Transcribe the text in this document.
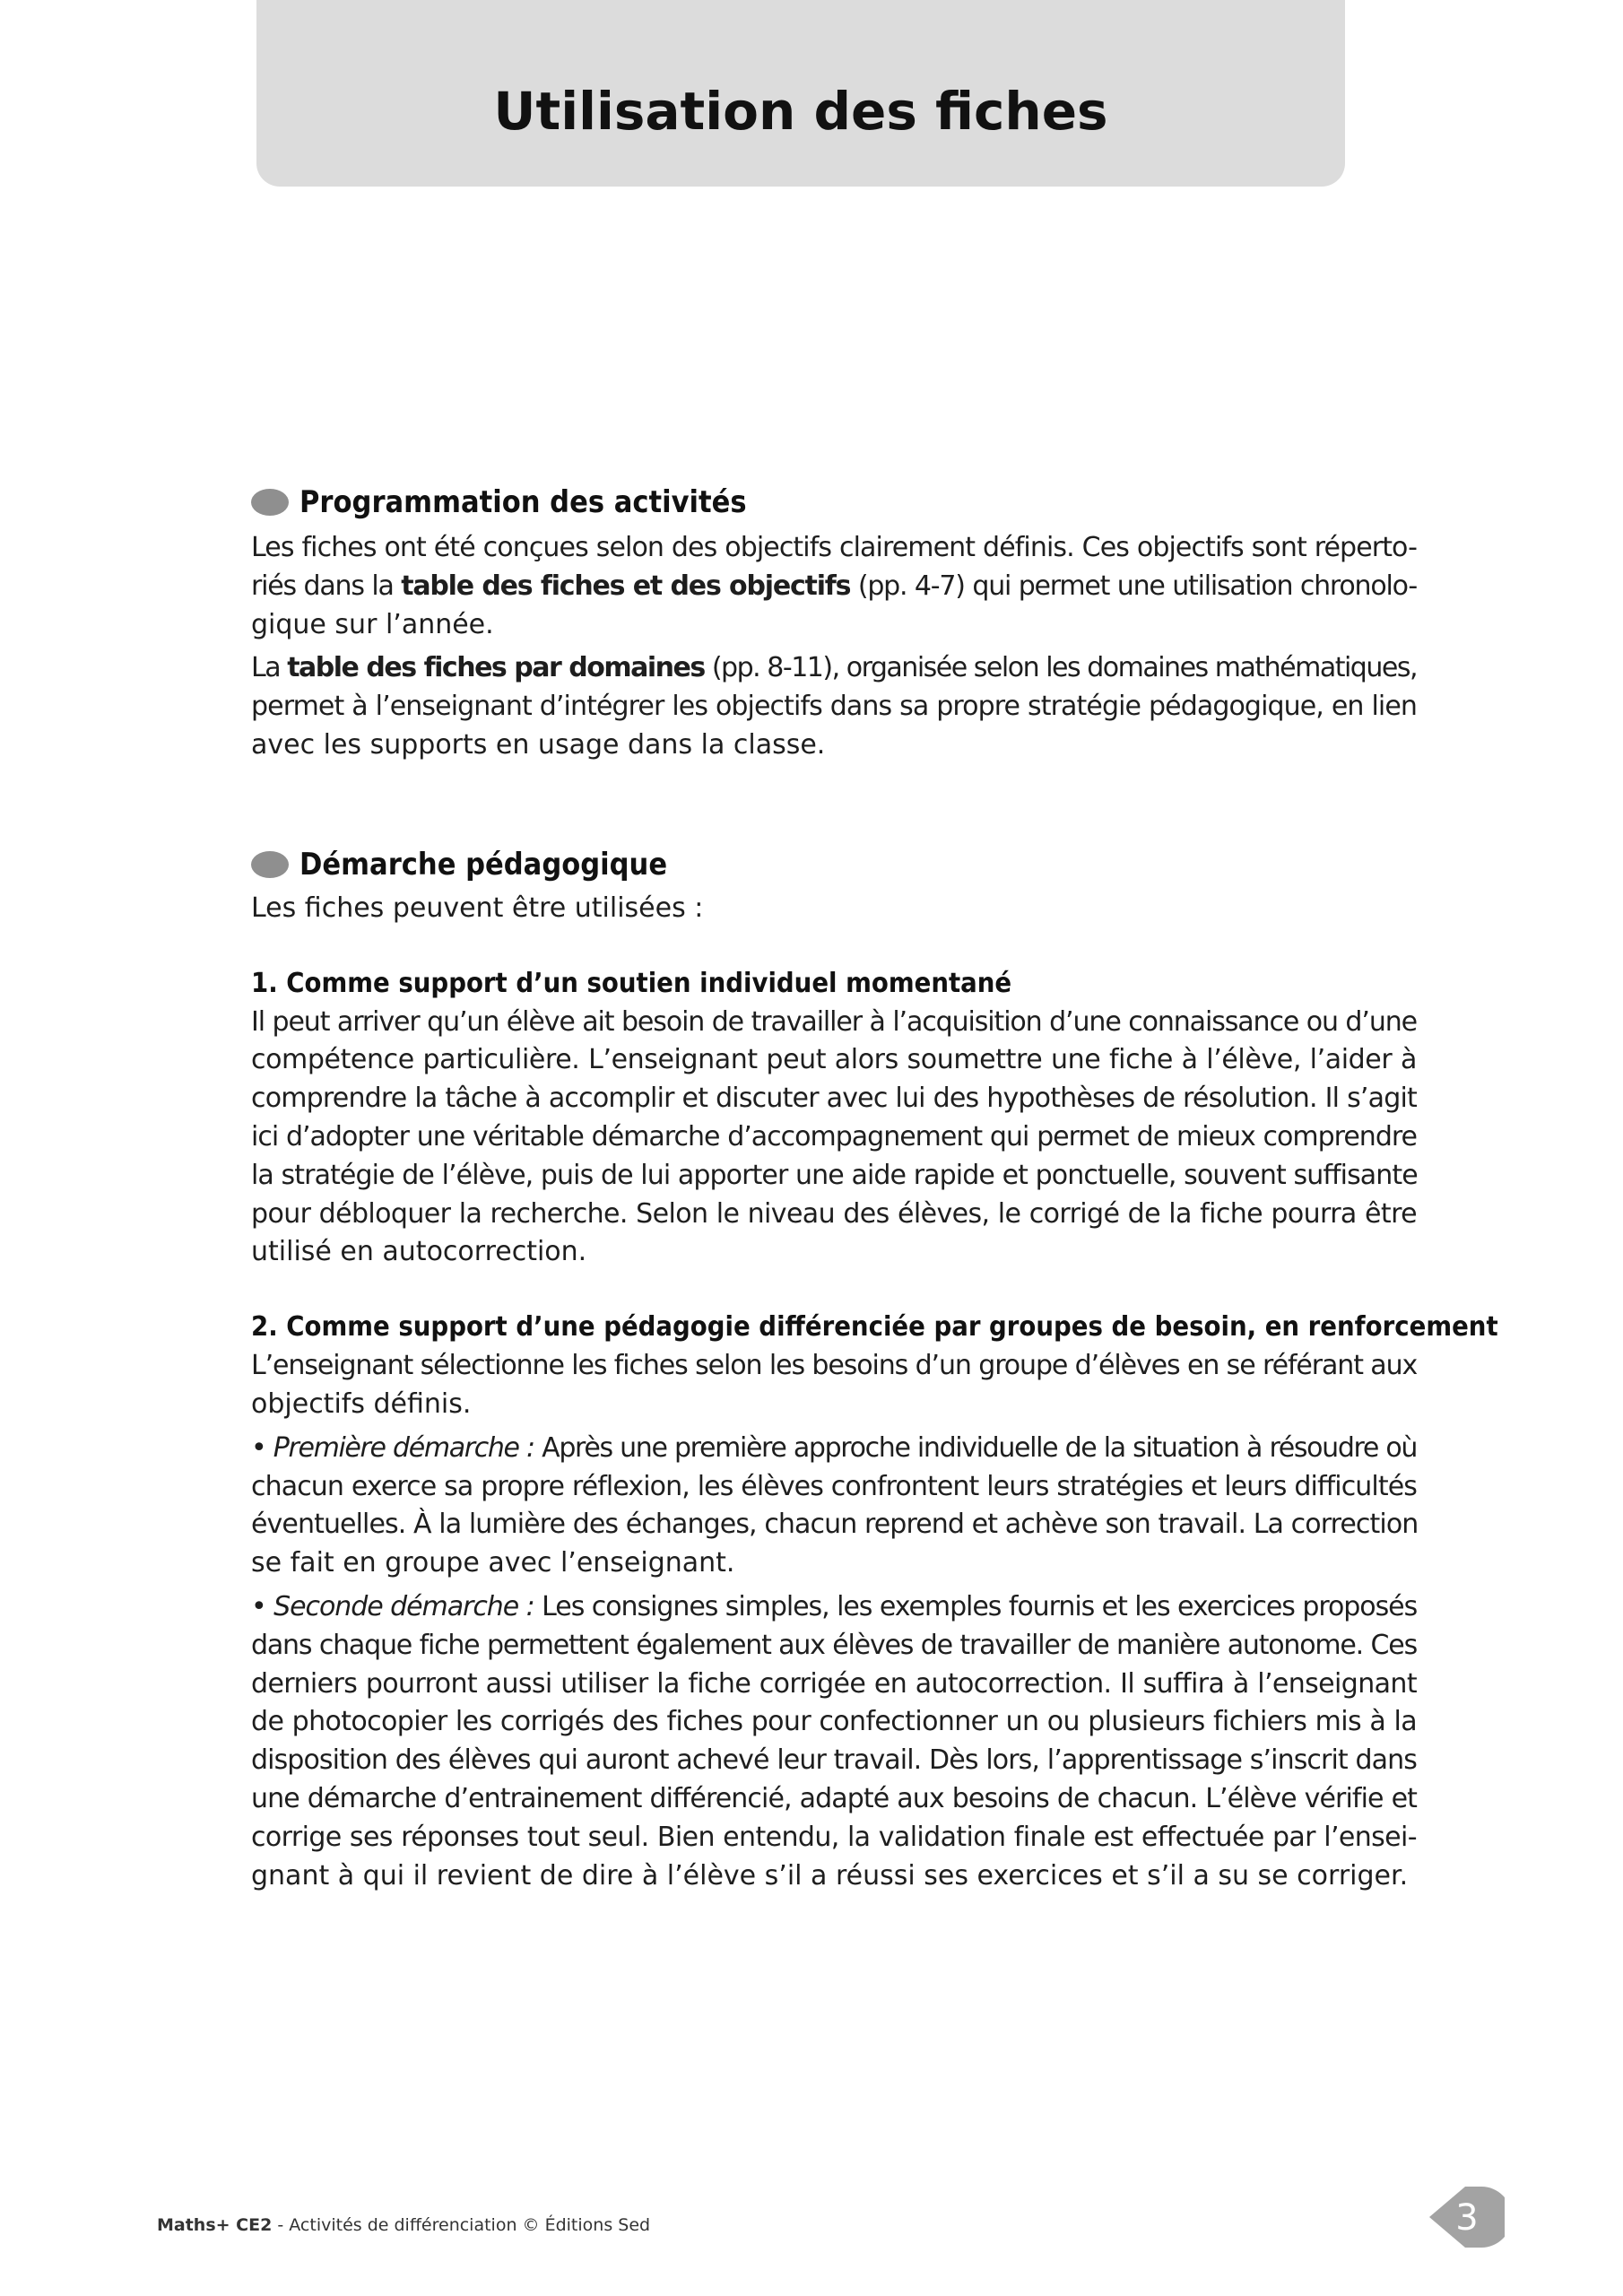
Utilisation des fiches
Programmation des activités

Les fiches ont été conçues selon des objectifs clairement définis. Ces objectifs sont réperto-
riés dans la table des fiches et des objectifs (pp. 4-7) qui permet une utilisation chronolo-
gique sur l’année.

La table des fiches par domaines (pp. 8-11), organisée selon les domaines mathématiques,
permet à l’enseignant d’intégrer les objectifs dans sa propre stratégie pédagogique, en lien
avec les supports en usage dans la classe.

Démarche pédagogique

Les fiches peuvent être utilisées :

1. Comme support d’un soutien individuel momentané

Il peut arriver qu’un élève ait besoin de travailler à l’acquisition d’une connaissance ou d’une
compétence particulière. L’enseignant peut alors soumettre une fiche à l’élève, l’aider à
comprendre la tâche à accomplir et discuter avec lui des hypothèses de résolution. Il s’agit
ici d’adopter une véritable démarche d’accompagnement qui permet de mieux comprendre
la stratégie de l’élève, puis de lui apporter une aide rapide et ponctuelle, souvent suffisante
pour débloquer la recherche. Selon le niveau des élèves, le corrigé de la fiche pourra être
utilisé en autocorrection.

2. Comme support d’une pédagogie différenciée par groupes de besoin, en renforcement

L’enseignant sélectionne les fiches selon les besoins d’un groupe d’élèves en se référant aux
objectifs définis.

• Première démarche : Après une première approche individuelle de la situation à résoudre où
chacun exerce sa propre réflexion, les élèves confrontent leurs stratégies et leurs difficultés
éventuelles. À la lumière des échanges, chacun reprend et achève son travail. La correction
se fait en groupe avec l’enseignant.

• Seconde démarche : Les consignes simples, les exemples fournis et les exercices proposés
dans chaque fiche permettent également aux élèves de travailler de manière autonome. Ces
derniers pourront aussi utiliser la fiche corrigée en autocorrection. Il suffira à l’enseignant
de photocopier les corrigés des fiches pour confectionner un ou plusieurs fichiers mis à la
disposition des élèves qui auront achevé leur travail. Dès lors, l’apprentissage s’inscrit dans
une démarche d’entrainement différencié, adapté aux besoins de chacun. L’élève vérifie et
corrige ses réponses tout seul. Bien entendu, la validation finale est effectuée par l’ensei-
gnant à qui il revient de dire à l’élève s’il a réussi ses exercices et s’il a su se corriger.

Maths+ CE2 - Activités de différenciation © Éditions Sed	3
